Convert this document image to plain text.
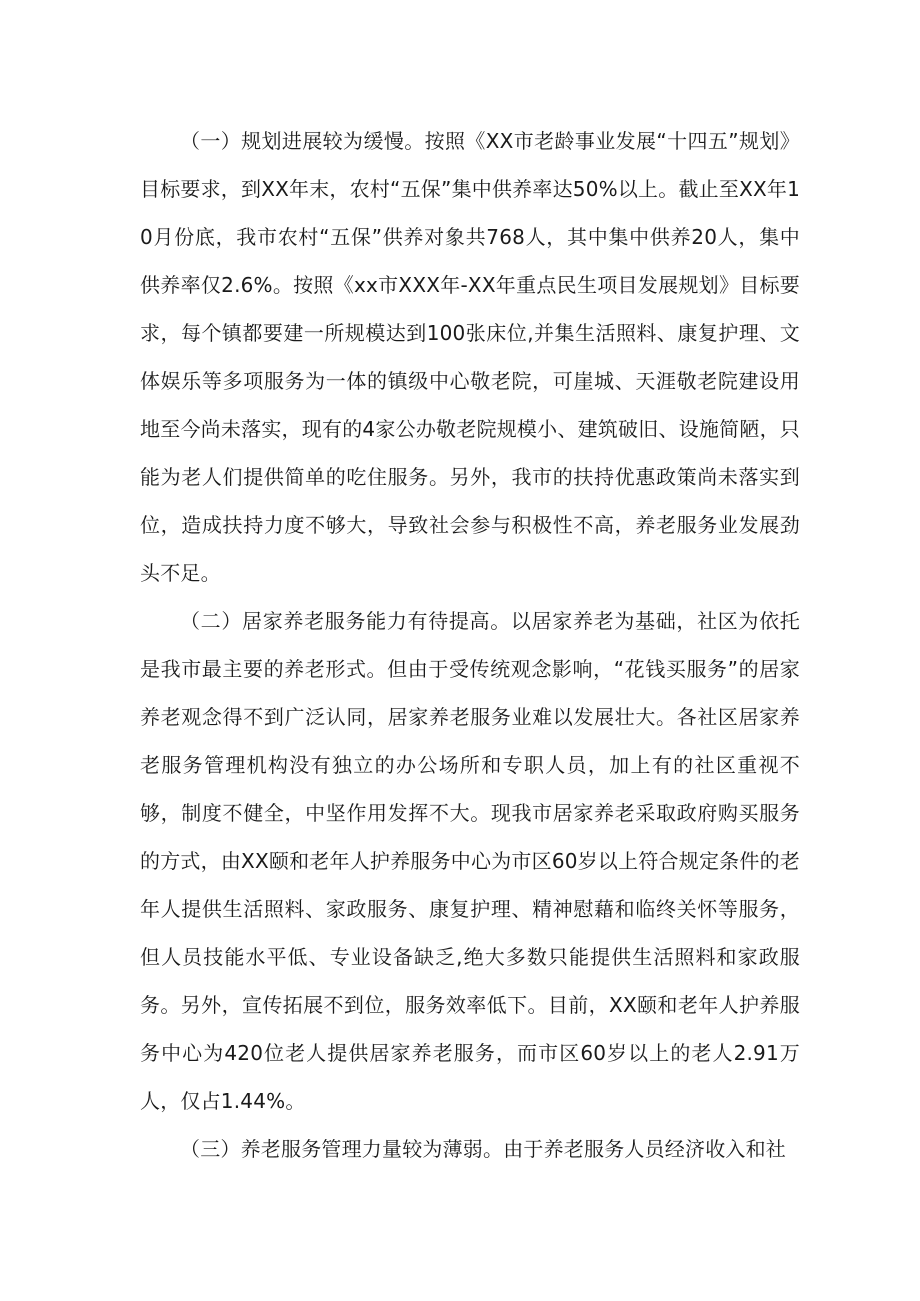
（一）规划进展较为缓慢。按照《XX市老龄事业发展“十四五”规划》目标要求，到XX年末，农村“五保”集中供养率达50%以上。截止至XX年10月份底，我市农村“五保”供养对象共768人，其中集中供养20人，集中供养率仅2.6%。按照《xx市XXX年-XX年重点民生项目发展规划》目标要求，每个镇都要建一所规模达到100张床位,并集生活照料、康复护理、文体娱乐等多项服务为一体的镇级中心敬老院，可崖城、天涯敬老院建设用地至今尚未落实，现有的4家公办敬老院规模小、建筑破旧、设施简陋，只能为老人们提供简单的吃住服务。另外，我市的扶持优惠政策尚未落实到位，造成扶持力度不够大，导致社会参与积极性不高，养老服务业发展劲头不足。

（二）居家养老服务能力有待提高。以居家养老为基础，社区为依托是我市最主要的养老形式。但由于受传统观念影响，“花钱买服务”的居家养老观念得不到广泛认同，居家养老服务业难以发展壮大。各社区居家养老服务管理机构没有独立的办公场所和专职人员，加上有的社区重视不够，制度不健全，中坚作用发挥不大。现我市居家养老采取政府购买服务的方式，由XX颐和老年人护养服务中心为市区60岁以上符合规定条件的老年人提供生活照料、家政服务、康复护理、精神慰藉和临终关怀等服务，但人员技能水平低、专业设备缺乏,绝大多数只能提供生活照料和家政服务。另外，宣传拓展不到位，服务效率低下。目前，XX颐和老年人护养服务中心为420位老人提供居家养老服务，而市区60岁以上的老人2.91万人，仅占1.44%。

（三）养老服务管理力量较为薄弱。由于养老服务人员经济收入和社
